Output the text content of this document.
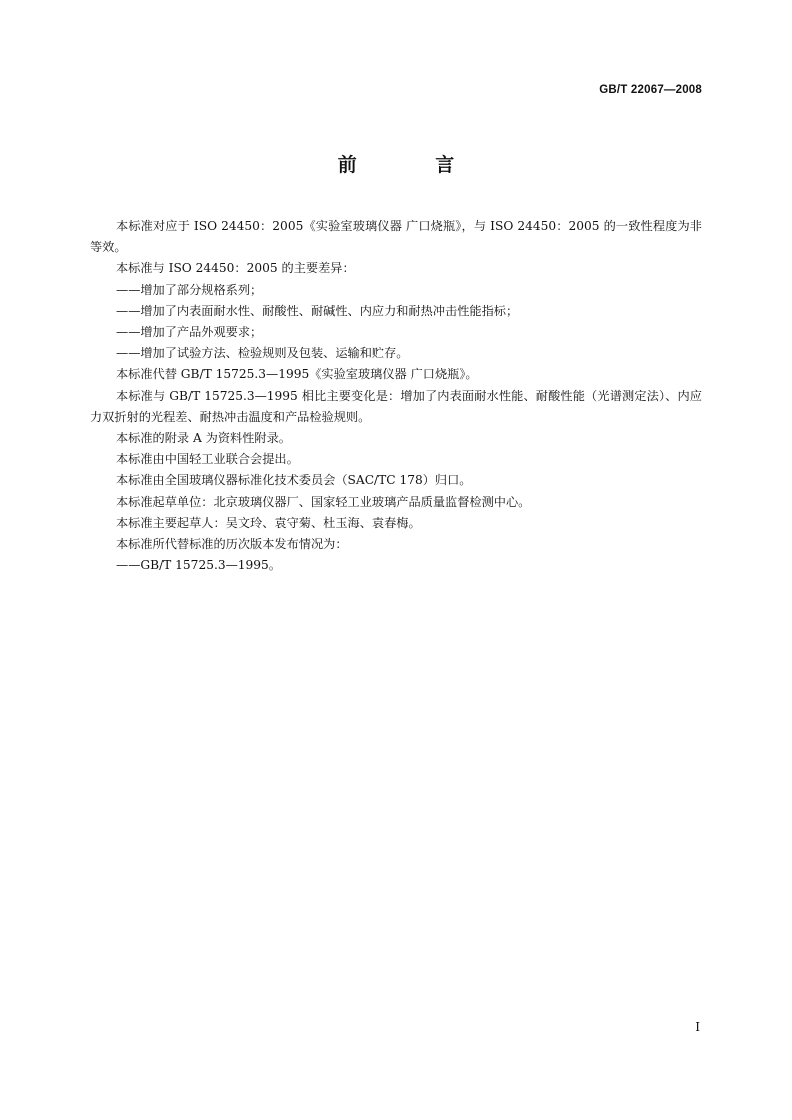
GB/T 22067—2008
前 言

本标准对应于 ISO 24450：2005《实验室玻璃仪器 广口烧瓶》，与 ISO 24450：2005 的一致性程度为非等效。

本标准与 ISO 24450：2005 的主要差异：

——增加了部分规格系列；

——增加了内表面耐水性、耐酸性、耐碱性、内应力和耐热冲击性能指标；

——增加了产品外观要求；

——增加了试验方法、检验规则及包装、运输和贮存。

本标准代替 GB/T 15725.3—1995《实验室玻璃仪器 广口烧瓶》。

本标准与 GB/T 15725.3—1995 相比主要变化是：增加了内表面耐水性能、耐酸性能（光谱测定法）、内应力双折射的光程差、耐热冲击温度和产品检验规则。

本标准的附录 A 为资料性附录。

本标准由中国轻工业联合会提出。

本标准由全国玻璃仪器标准化技术委员会（SAC/TC 178）归口。

本标准起草单位：北京玻璃仪器厂、国家轻工业玻璃产品质量监督检测中心。

本标准主要起草人：吴文玲、袁守菊、杜玉海、袁春梅。

本标准所代替标准的历次版本发布情况为：

——GB/T 15725.3—1995。

I
